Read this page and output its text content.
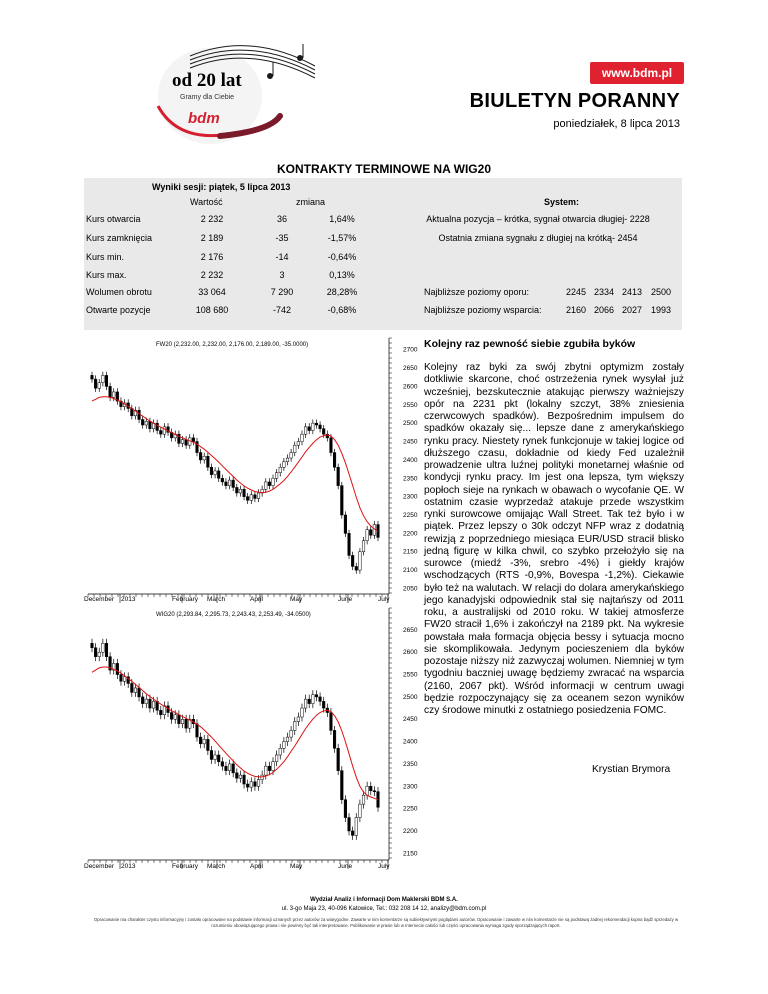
od 20 lat
Gramy dla Ciebie
bdm
www.bdm.pl
BIULETYN PORANNY
poniedziałek, 8 lipca 2013
KONTRAKTY TERMINOWE NA WIG20
Wyniki sesji: piątek, 5 lipca 2013
Wartość	zmiana	System:
Kurs otwarcia	2 232	36	1,64%
Kurs zamknięcia	2 189	-35	-1,57%
Kurs min.	2 176	-14	-0,64%
Kurs max.	2 232	3	0,13%
Wolumen obrotu	33 064	7 290	28,28%
Otwarte pozycje	108 680	-742	-0,68%
Aktualna pozycja – krótka, sygnał otwarcia długiej- 2228
Ostatnia zmiana sygnału z długiej na krótką- 2454
Najbliższe poziomy oporu:	2245 2334 2413 2500
Najbliższe poziomy wsparcia:	2160 2066 2027 1993
FW20 (2,232.00, 2,232.00, 2,176.00, 2,189.00, -35.0000)
2050
2100
2150
2200
2250
2300
2350
2400
2450
2500
2550
2600
2650
2700
December 2013	February March	April	May	June	July
WIG20 (2,293.84, 2,295.73, 2,243.43, 2,253.49, -34.0500)
2150
2200
2250
2300
2350
2400
2450
2500
2550
2600
2650
December 2013	February March	April	May	June	July
Kolejny raz pewność siebie zgubiła byków
Kolejny raz byki za swój zbytni optymizm zostały dotkliwie skarcone, choć ostrzeżenia rynek wysyłał już wcześniej, bezskutecznie atakując pierwszy ważniejszy opór na 2231 pkt (lokalny szczyt, 38% zniesienia czerwcowych spadków). Bezpośrednim impulsem do spadków okazały się... lepsze dane z amerykańskiego rynku pracy. Niestety rynek funkcjonuje w takiej logice od dłuższego czasu, dokładnie od kiedy Fed uzależnił prowadzenie ultra luźnej polityki monetarnej właśnie od kondycji rynku pracy. Im jest ona lepsza, tym większy popłoch sieje na rynkach w obawach o wycofanie QE. W ostatnim czasie wyprzedaż atakuje przede wszystkim rynki surowcowe omijając Wall Street. Tak też było i w piątek. Przez lepszy o 30k odczyt NFP wraz z dodatnią rewizją z poprzedniego miesiąca EUR/USD stracił blisko jedną figurę w kilka chwil, co szybko przełożyło się na surowce (miedź -3%, srebro -4%) i giełdy krajów wschodzących (RTS -0,9%, Bovespa -1,2%). Ciekawie było też na walutach. W relacji do dolara amerykańskiego jego kanadyjski odpowiednik stał się najtańszy od 2011 roku, a australijski od 2010 roku. W takiej atmosferze FW20 stracił 1,6% i zakończył na 2189 pkt. Na wykresie powstała mała formacja objęcia bessy i sytuacja mocno sie skomplikowała. Jedynym pocieszeniem dla byków pozostaje niższy niż zazwyczaj wolumen. Niemniej w tym tygodniu baczniej uwagę będziemy zwracać na wsparcia (2160, 2067 pkt). Wśród informacji w centrum uwagi będzie rozpoczynający się za oceanem sezon wyników czy środowe minutki z ostatniego posiedzenia FOMC.
Krystian Brymora
Wydział Analiz i Informacji Dom Maklerski BDM S.A.
ul. 3-go Maja 23, 40-096 Katowice, Tel.: 032 208 14 12, analizy@bdm.com.pl
Opracowanie ma charakter czysto informacyjny i zostało opracowane na podstawie informacji uznanych przez autorów za wiarygodne. Zawarte w nim komentarze są subiektywnymi poglądami autorów. Opracowanie i zawarte w nim komentarze nie są podstawą żadnej rekomendacji kupna bądź sprzedaży w rozumieniu obowiązującego prawa i nie powinny być tak interpretowane. Publikowanie w prasie lub w Internecie całości lub części opracowania wymaga zgody sporządzających raport.
